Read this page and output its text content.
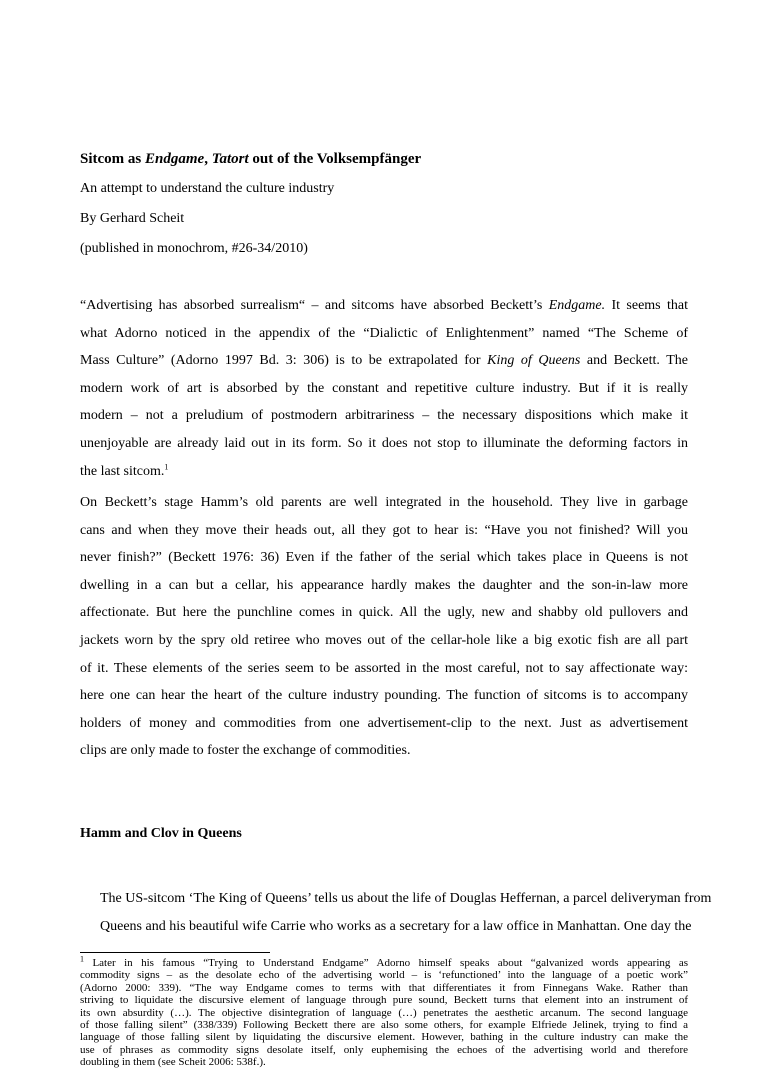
Sitcom as Endgame, Tatort out of the Volksempfänger
An attempt to understand the culture industry
By Gerhard Scheit
(published in monochrom, #26-34/2010)
“Advertising has absorbed surrealism“ – and sitcoms have absorbed Beckett’s Endgame. It seems that
what Adorno noticed in the appendix of the “Dialictic of Enlightenment” named “The Scheme of
Mass Culture” (Adorno 1997 Bd. 3: 306) is to be extrapolated for King of Queens and Beckett. The
modern work of art is absorbed by the constant and repetitive culture industry. But if it is really
modern – not a preludium of postmodern arbitrariness – the necessary dispositions which make it
unenjoyable are already laid out in its form. So it does not stop to illuminate the deforming factors in
the last sitcom.$^1$
On Beckett’s stage Hamm’s old parents are well integrated in the household. They live in garbage
cans and when they move their heads out, all they got to hear is: “Have you not finished? Will you
never finish?” (Beckett 1976: 36) Even if the father of the serial which takes place in Queens is not
dwelling in a can but a cellar, his appearance hardly makes the daughter and the son-in-law more
affectionate. But here the punchline comes in quick. All the ugly, new and shabby old pullovers and
jackets worn by the spry old retiree who moves out of the cellar-hole like a big exotic fish are all part
of it. These elements of the series seem to be assorted in the most careful, not to say affectionate way:
here one can hear the heart of the culture industry pounding. The function of sitcoms is to accompany
holders of money and commodities from one advertisement-clip to the next. Just as advertisement
clips are only made to foster the exchange of commodities.
Hamm and Clov in Queens
The US-sitcom ‘The King of Queens’ tells us about the life of Douglas Heffernan, a parcel deliveryman from
Queens and his beautiful wife Carrie who works as a secretary for a law office in Manhattan. One day the
$^1$ Later in his famous “Trying to Understand Endgame” Adorno himself speaks about “galvanized words appearing as
commodity signs – as the desolate echo of the advertising world – is ‘refunctioned’ into the language of a poetic work”
(Adorno 2000: 339). “The way Endgame comes to terms with that differentiates it from Finnegans Wake. Rather than
striving to liquidate the discursive element of language through pure sound, Beckett turns that element into an instrument of
its own absurdity (…). The objective disintegration of language (…) penetrates the aesthetic arcanum. The second language
of those falling silent” (338/339) Following Beckett there are also some others, for example Elfriede Jelinek, trying to find a
language of those falling silent by liquidating the discursive element. However, bathing in the culture industry can make the
use of phrases as commodity signs desolate itself, only euphemising the echoes of the advertising world and therefore
doubling in them (see Scheit 2006: 538f.).
